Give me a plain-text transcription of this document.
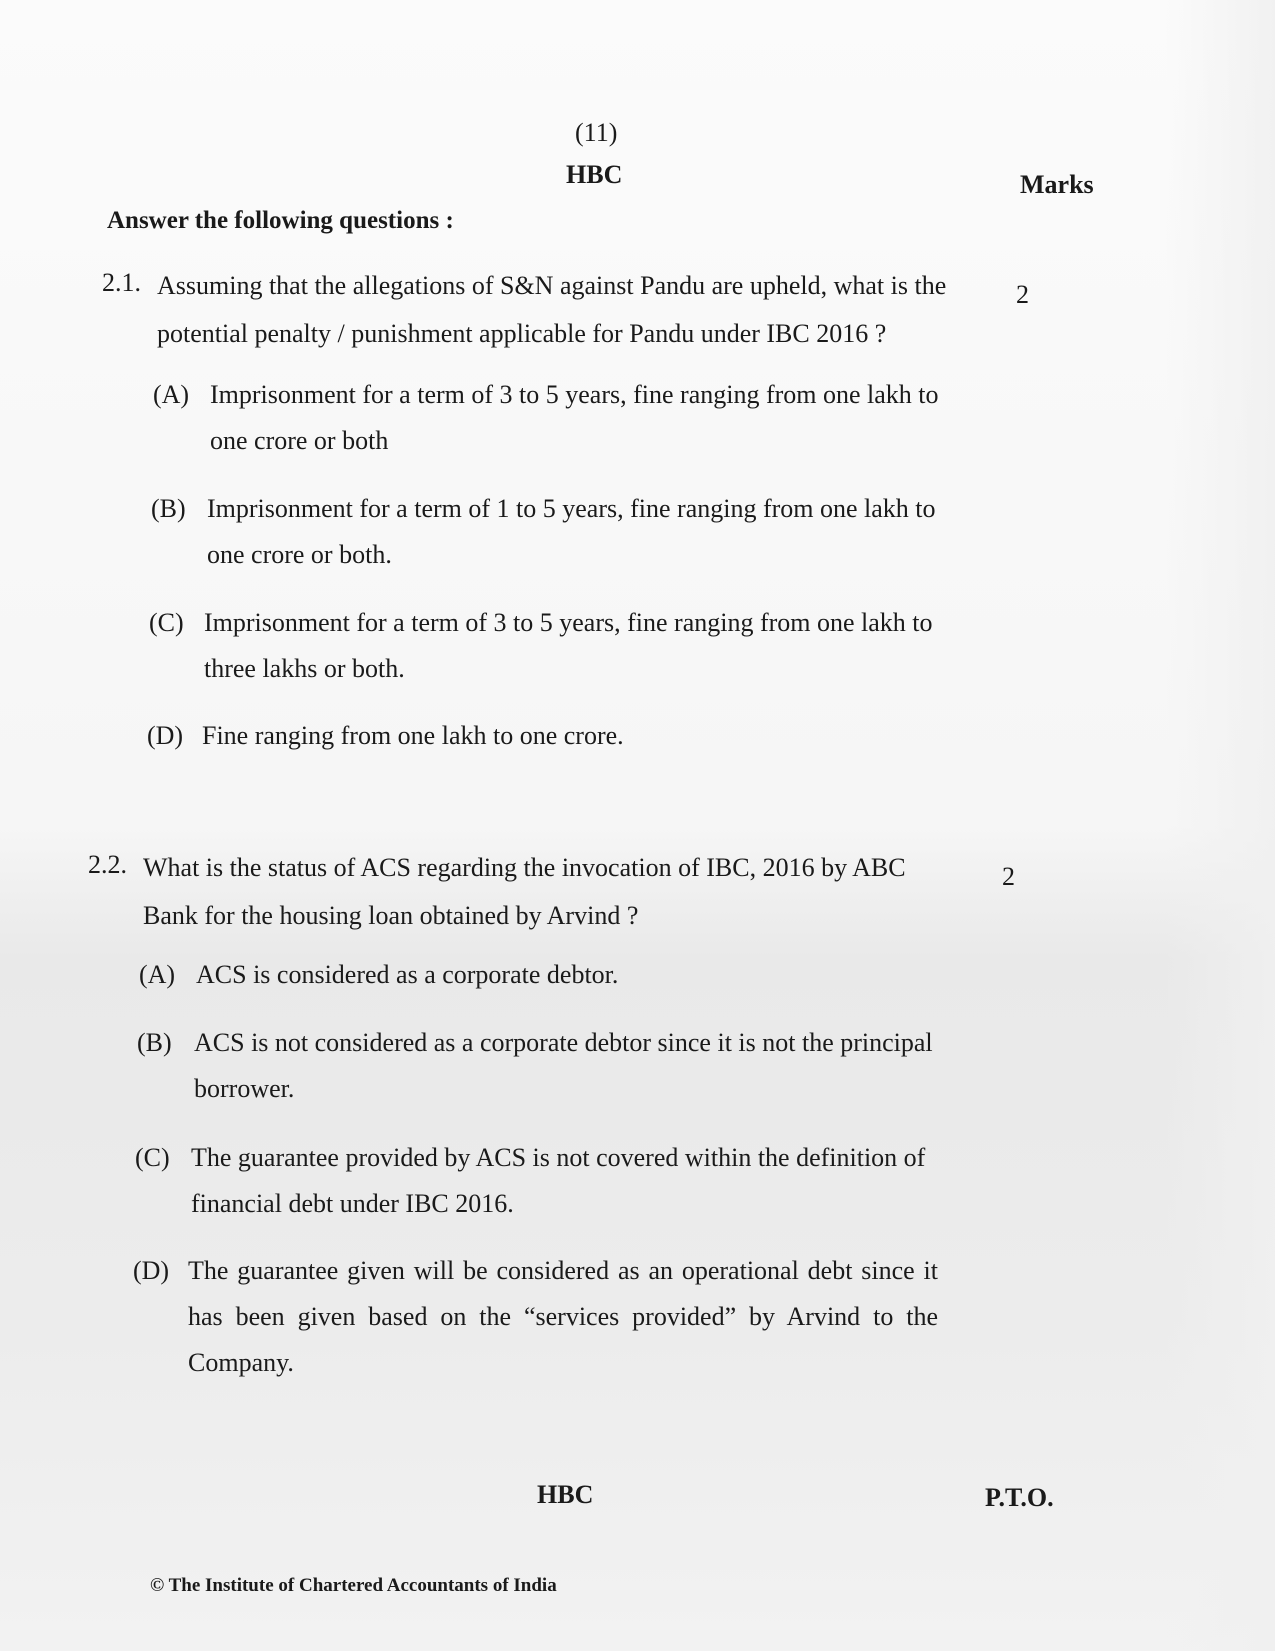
(11)
HBC	Marks
Answer the following questions :
2.1. Assuming that the allegations of S&N against Pandu are upheld, what is the potential penalty / punishment applicable for Pandu under IBC 2016 ?
2
(A) Imprisonment for a term of 3 to 5 years, fine ranging from one lakh to one crore or both
(B) Imprisonment for a term of 1 to 5 years, fine ranging from one lakh to one crore or both.
(C) Imprisonment for a term of 3 to 5 years, fine ranging from one lakh to three lakhs or both.
(D) Fine ranging from one lakh to one crore.
2.2. What is the status of ACS regarding the invocation of IBC, 2016 by ABC Bank for the housing loan obtained by Arvind ?
2
(A) ACS is considered as a corporate debtor.
(B) ACS is not considered as a corporate debtor since it is not the principal borrower.
(C) The guarantee provided by ACS is not covered within the definition of financial debt under IBC 2016.
(D) The guarantee given will be considered as an operational debt since it has been given based on the “services provided” by Arvind to the Company.
HBC	P.T.O.
© The Institute of Chartered Accountants of India
